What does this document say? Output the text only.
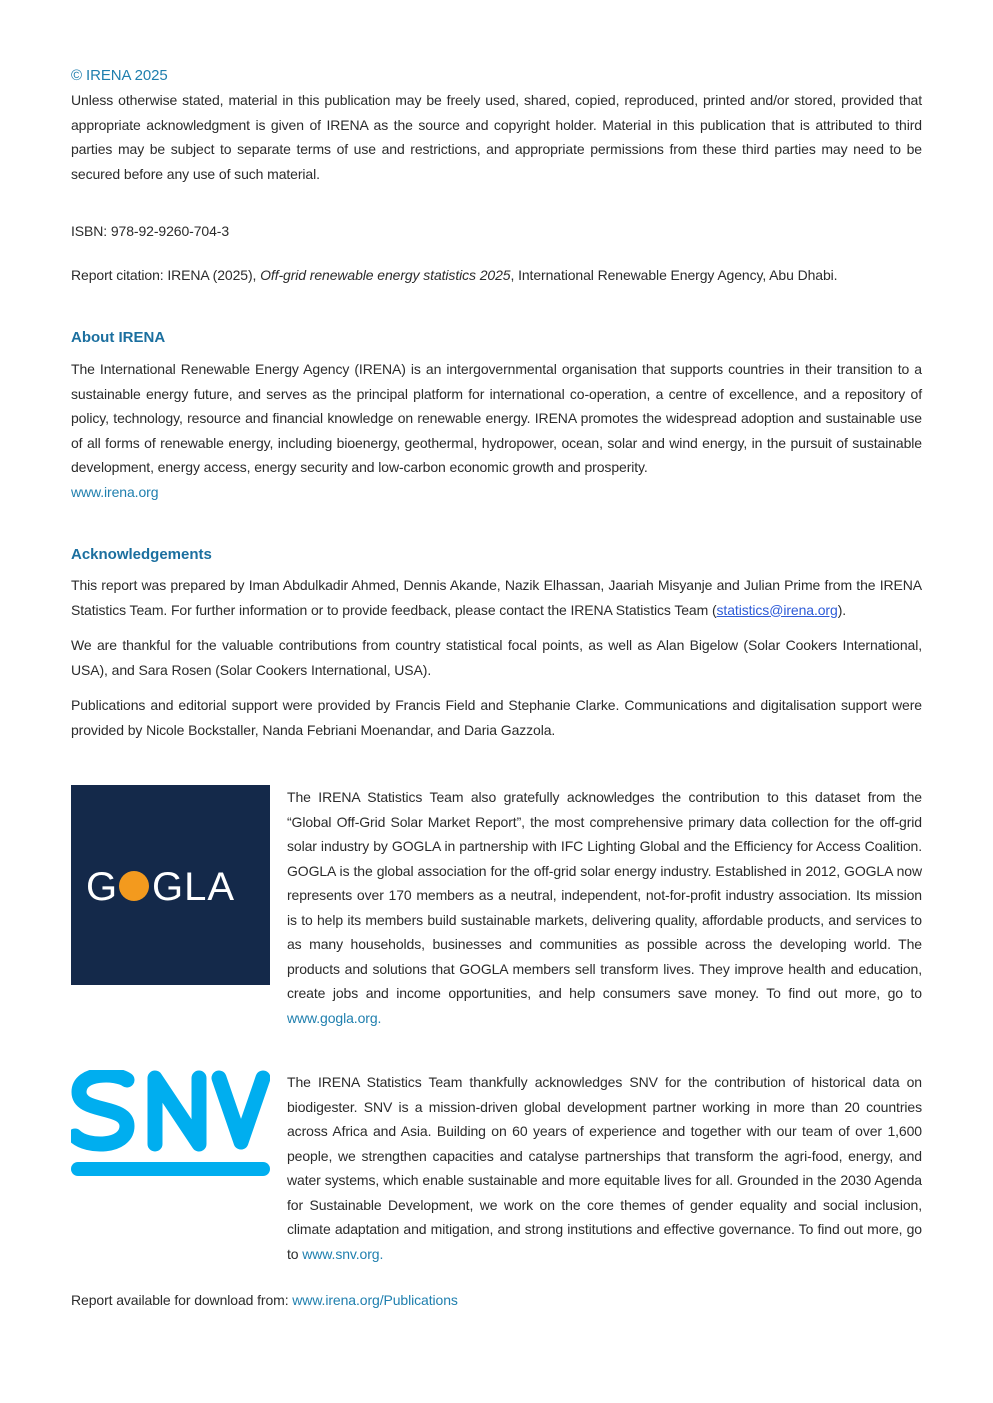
© IRENA 2025

Unless otherwise stated, material in this publication may be freely used, shared, copied, reproduced, printed and/or stored, provided that appropriate acknowledgment is given of IRENA as the source and copyright holder. Material in this publication that is attributed to third parties may be subject to separate terms of use and restrictions, and appropriate permissions from these third parties may need to be secured before any use of such material.

ISBN: 978-92-9260-704-3

Report citation: IRENA (2025), Off-grid renewable energy statistics 2025, International Renewable Energy Agency, Abu Dhabi.

About IRENA

The International Renewable Energy Agency (IRENA) is an intergovernmental organisation that supports countries in their transition to a sustainable energy future, and serves as the principal platform for international co-operation, a centre of excellence, and a repository of policy, technology, resource and financial knowledge on renewable energy. IRENA promotes the widespread adoption and sustainable use of all forms of renewable energy, including bioenergy, geothermal, hydropower, ocean, solar and wind energy, in the pursuit of sustainable development, energy access, energy security and low-carbon economic growth and prosperity.
www.irena.org

Acknowledgements

This report was prepared by Iman Abdulkadir Ahmed, Dennis Akande, Nazik Elhassan, Jaariah Misyanje and Julian Prime from the IRENA Statistics Team. For further information or to provide feedback, please contact the IRENA Statistics Team (statistics@irena.org).

We are thankful for the valuable contributions from country statistical focal points, as well as Alan Bigelow (Solar Cookers International, USA), and Sara Rosen (Solar Cookers International, USA).

Publications and editorial support were provided by Francis Field and Stephanie Clarke. Communications and digitalisation support were provided by Nicole Bockstaller, Nanda Febriani Moenandar, and Daria Gazzola.

G GLA

The IRENA Statistics Team also gratefully acknowledges the contribution to this dataset from the “Global Off-Grid Solar Market Report”, the most comprehensive primary data collection for the off-grid solar industry by GOGLA in partnership with IFC Lighting Global and the Efficiency for Access Coalition. GOGLA is the global association for the off-grid solar energy industry. Established in 2012, GOGLA now represents over 170 members as a neutral, independent, not-for-profit industry association. Its mission is to help its members build sustainable markets, delivering quality, affordable products, and services to as many households, businesses and communities as possible across the developing world. The products and solutions that GOGLA members sell transform lives. They improve health and education, create jobs and income opportunities, and help consumers save money. To find out more, go to www.gogla.org.

The IRENA Statistics Team thankfully acknowledges SNV for the contribution of historical data on biodigester. SNV is a mission-driven global development partner working in more than 20 countries across Africa and Asia. Building on 60 years of experience and together with our team of over 1,600 people, we strengthen capacities and catalyse partnerships that transform the agri-food, energy, and water systems, which enable sustainable and more equitable lives for all. Grounded in the 2030 Agenda for Sustainable Development, we work on the core themes of gender equality and social inclusion, climate adaptation and mitigation, and strong institutions and effective governance. To find out more, go to www.snv.org.

Report available for download from: www.irena.org/Publications
